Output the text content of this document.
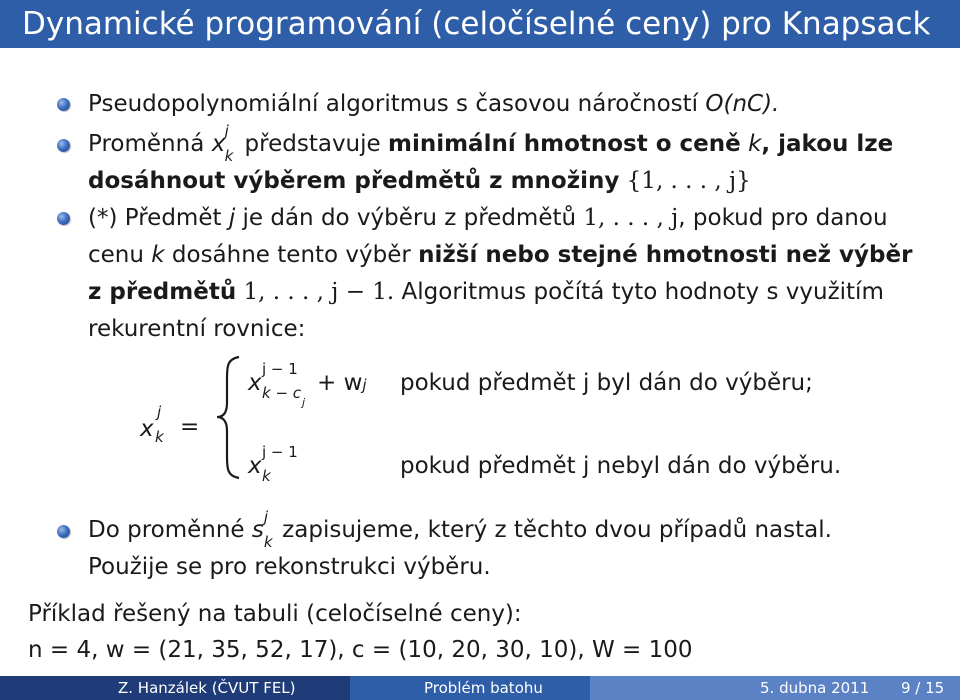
Dynamické programování (celočíselné ceny) pro Knapsack
Pseudopolynomiální algoritmus s časovou náročností O(nC).
Proměnná x j
k představuje minimální hmotnost o ceně k, jakou lze
dosáhnout výběrem předmětů z množiny {1, . . . , j}
(*) Předmět j je dán do výběru z předmětů 1, . . . , j, pokud pro danou
cenu k dosáhne tento výběr nižší nebo stejné hmotnosti než výběr
z předmětů 1, . . . , j − 1. Algoritmus počítá tyto hodnoty s využitím
rekurentní rovnice:
x
j
k =
x
j − 1
k − c
j
+ wj pokud předmět j byl dán do výběru;
x
j − 1
k	pokud předmět j nebyl dán do výběru.
Do proměnné s j
k zapisujeme, který z těchto dvou případů nastal.
Použije se pro rekonstrukci výběru.
Příklad řešený na tabuli (celočíselné ceny):
n = 4, w = (21, 35, 52, 17), c = (10, 20, 30, 10), W = 100
Z. Hanzálek (ČVUT FEL)	Problém batohu	5. dubna 2011 9 / 15
